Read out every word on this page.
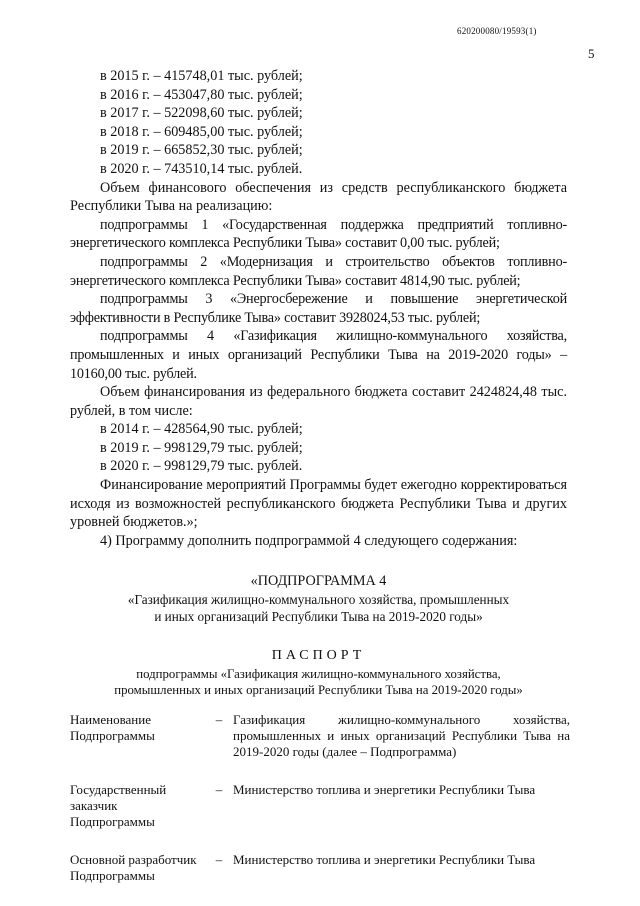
620200080/19593(1)
5

в 2015 г. – 415748,01 тыс. рублей;

в 2016 г. – 453047,80 тыс. рублей;

в 2017 г. – 522098,60 тыс. рублей;

в 2018 г. – 609485,00 тыс. рублей;

в 2019 г. – 665852,30 тыс. рублей;

в 2020 г. – 743510,14 тыс. рублей.

Объем финансового обеспечения из средств республиканского бюджета Республики Тыва на реализацию:

подпрограммы 1 «Государственная поддержка предприятий топливно-энергетического комплекса Республики Тыва» составит 0,00 тыс. рублей;

подпрограммы 2 «Модернизация и строительство объектов топливно-энергетического комплекса Республики Тыва» составит 4814,90 тыс. рублей;

подпрограммы 3 «Энергосбережение и повышение энергетической эффективности в Республике Тыва» составит 3928024,53 тыс. рублей;

подпрограммы 4 «Газификация жилищно-коммунального хозяйства, промышленных и иных организаций Республики Тыва на 2019-2020 годы» – 10160,00 тыс. рублей.

Объем финансирования из федерального бюджета составит 2424824,48 тыс. рублей, в том числе:

в 2014 г. – 428564,90 тыс. рублей;

в 2019 г. – 998129,79 тыс. рублей;

в 2020 г. – 998129,79 тыс. рублей.

Финансирование мероприятий Программы будет ежегодно корректироваться исходя из возможностей республиканского бюджета Республики Тыва и других уровней бюджетов.»;

4) Программу дополнить подпрограммой 4 следующего содержания:

«ПОДПРОГРАММА 4

«Газификация жилищно-коммунального хозяйства, промышленных

и иных организаций Республики Тыва на 2019-2020 годы»

ПАСПОРТ

подпрограммы «Газификация жилищно-коммунального хозяйства,

промышленных и иных организаций Республики Тыва на 2019-2020 годы»

Наименование Подпрограммы
– Газификация жилищно-коммунального хозяйства, промышленных и иных организаций Республики Тыва на 2019-2020 годы (далее – Подпрограмма)
Государственный заказчик Подпрограммы
– Министерство топлива и энергетики Республики Тыва
Основной разработчик Подпрограммы
– Министерство топлива и энергетики Республики Тыва
